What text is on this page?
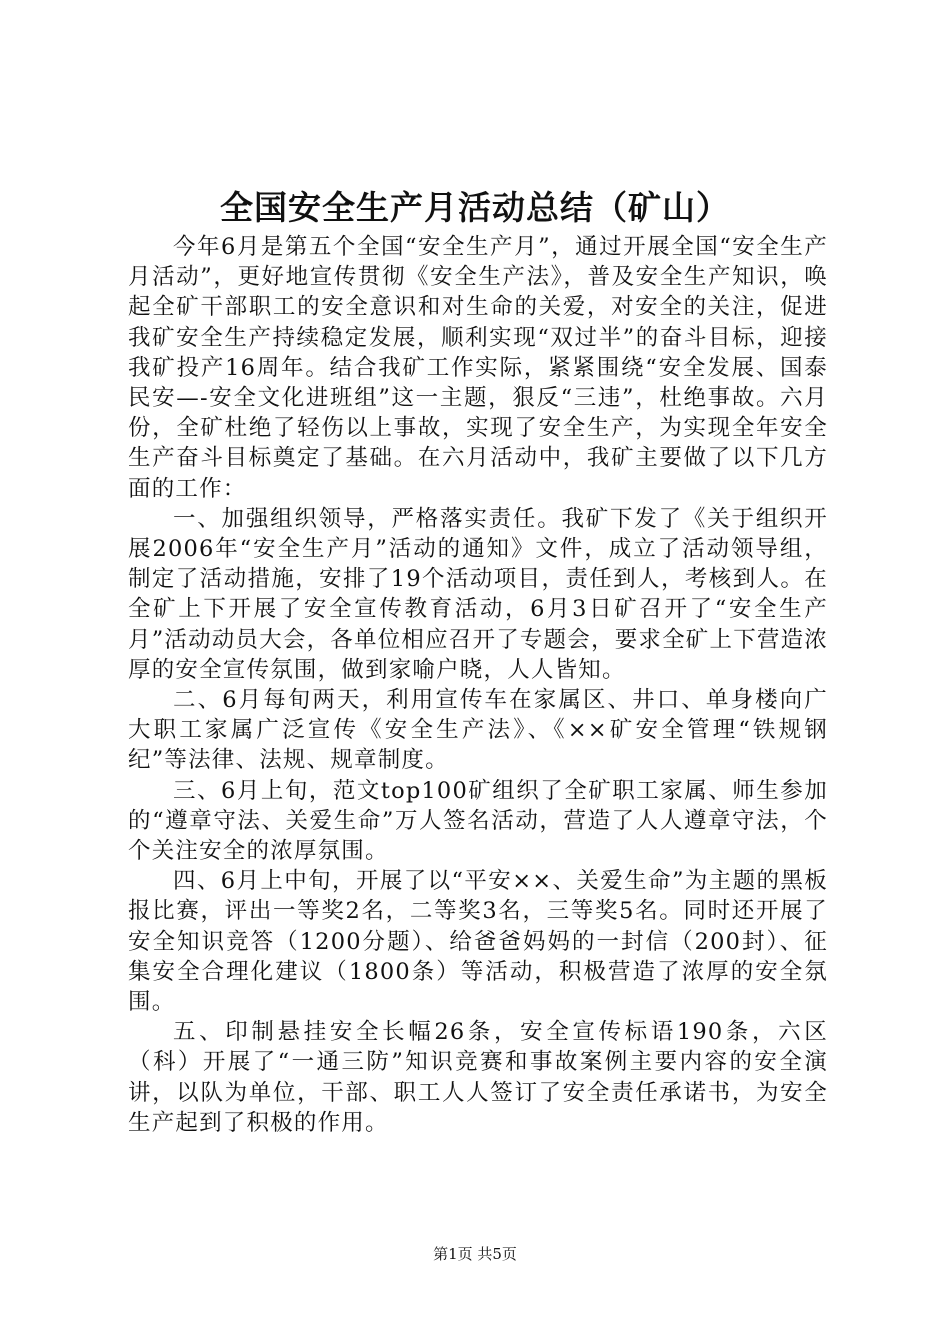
全国安全生产月活动总结（矿山）

今年6月是第五个全国“安全生产月”，通过开展全国“安全生产月活动”，更好地宣传贯彻《安全生产法》，普及安全生产知识，唤起全矿干部职工的安全意识和对生命的关爱，对安全的关注，促进我矿安全生产持续稳定发展，顺利实现“双过半”的奋斗目标，迎接我矿投产16周年。结合我矿工作实际，紧紧围绕“安全发展、国泰民安—-安全文化进班组”这一主题，狠反“三违”，杜绝事故。六月份，全矿杜绝了轻伤以上事故，实现了安全生产，为实现全年安全生产奋斗目标奠定了基础。在六月活动中，我矿主要做了以下几方面的工作：

一、加强组织领导，严格落实责任。我矿下发了《关于组织开展2006年“安全生产月”活动的通知》文件，成立了活动领导组，制定了活动措施，安排了19个活动项目，责任到人，考核到人。在全矿上下开展了安全宣传教育活动，6月3日矿召开了“安全生产月”活动动员大会，各单位相应召开了专题会，要求全矿上下营造浓厚的安全宣传氛围，做到家喻户晓，人人皆知。

二、6月每旬两天，利用宣传车在家属区、井口、单身楼向广大职工家属广泛宣传《安全生产法》、《××矿安全管理“铁规钢纪”等法律、法规、规章制度。

三、6月上旬，范文top100矿组织了全矿职工家属、师生参加的“遵章守法、关爱生命”万人签名活动，营造了人人遵章守法，个个关注安全的浓厚氛围。

四、6月上中旬，开展了以“平安××、关爱生命”为主题的黑板报比赛，评出一等奖2名，二等奖3名，三等奖5名。同时还开展了安全知识竞答（1200分题）、给爸爸妈妈的一封信（200封）、征集安全合理化建议（1800条）等活动，积极营造了浓厚的安全氛围。

五、印制悬挂安全长幅26条，安全宣传标语190条，六区（科）开展了“一通三防”知识竞赛和事故案例主要内容的安全演讲，以队为单位，干部、职工人人签订了安全责任承诺书，为安全生产起到了积极的作用。

第1页 共5页
